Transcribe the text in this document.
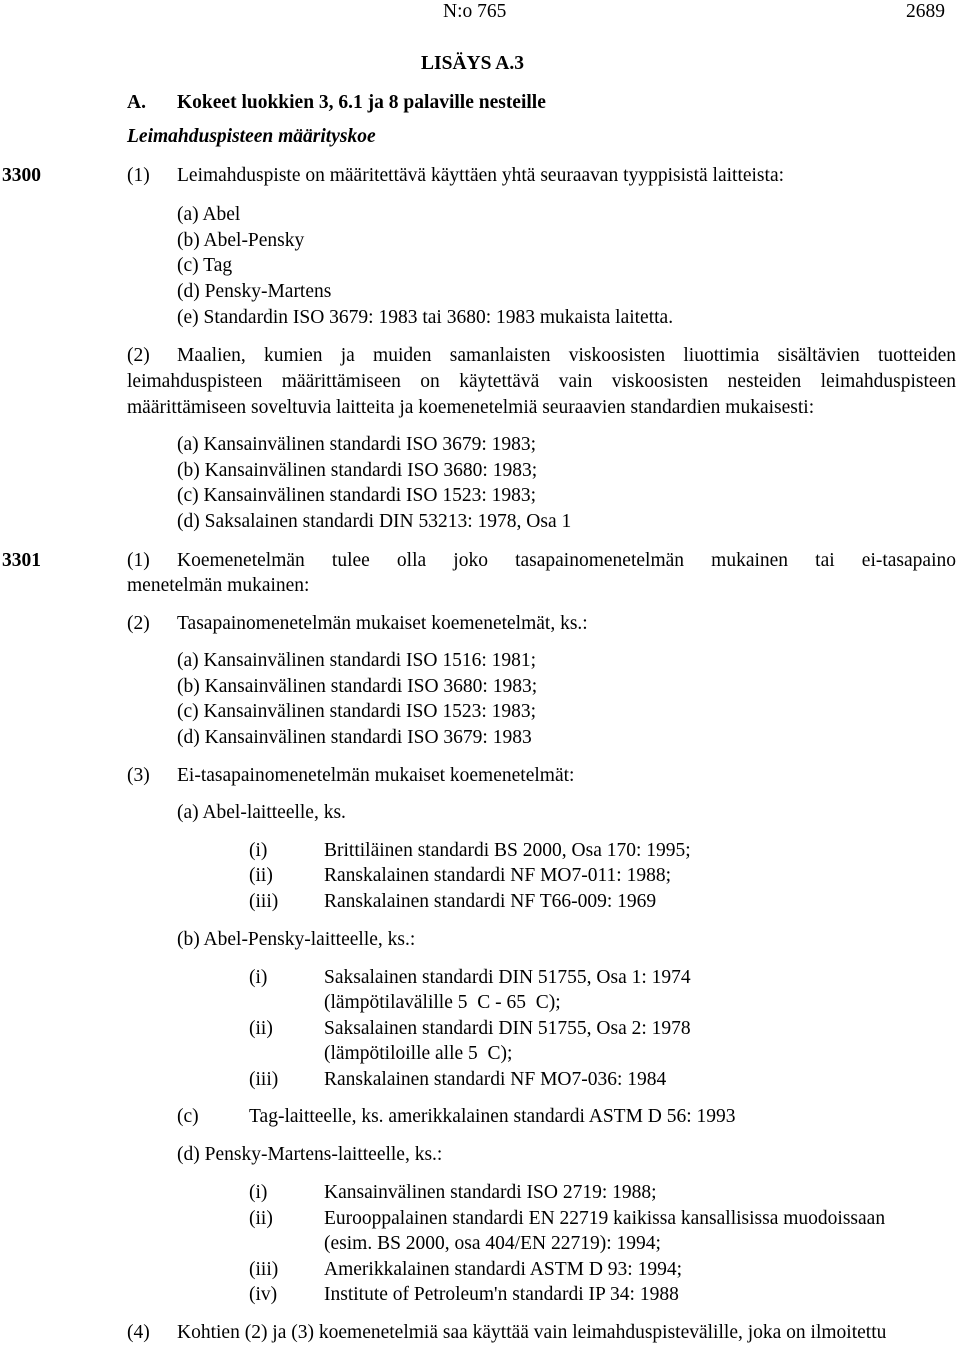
N:o 765	2689
LISÄYS A.3
A. Kokeet luokkien 3, 6.1 ja 8 palaville nesteille
Leimahduspisteen määrityskoe
3300	(1) Leimahduspiste on määritettävä käyttäen yhtä seuraavan tyyppisistä laitteista:
(a) Abel
(b) Abel-Pensky
(c) Tag
(d) Pensky-Martens
(e) Standardin ISO 3679: 1983 tai 3680: 1983 mukaista laitetta.
(2) Maalien, kumien ja muiden samanlaisten viskoosisten liuottimia sisältävien tuotteiden
leimahduspisteen määrittämiseen on käytettävä vain viskoosisten nesteiden leimahduspisteen
määrittämiseen soveltuvia laitteita ja koemenetelmiä seuraavien standardien mukaisesti:
(a) Kansainvälinen standardi ISO 3679: 1983;
(b) Kansainvälinen standardi ISO 3680: 1983;
(c) Kansainvälinen standardi ISO 1523: 1983;
(d) Saksalainen standardi DIN 53213: 1978, Osa 1
3301	(1) Koemenetelmän tulee olla joko tasapainomenetelmän mukainen tai ei-tasapaino
menetelmän mukainen:
(2) Tasapainomenetelmän mukaiset koemenetelmät, ks.:
(a) Kansainvälinen standardi ISO 1516: 1981;
(b) Kansainvälinen standardi ISO 3680: 1983;
(c) Kansainvälinen standardi ISO 1523: 1983;
(d) Kansainvälinen standardi ISO 3679: 1983
(3) Ei-tasapainomenetelmän mukaiset koemenetelmät:
(a) Abel-laitteelle, ks.
(i)	Brittiläinen standardi BS 2000, Osa 170: 1995;
(ii)	Ranskalainen standardi NF MO7-011: 1988;
(iii) Ranskalainen standardi NF T66-009: 1969
(b) Abel-Pensky-laitteelle, ks.:
(i)	Saksalainen standardi DIN 51755, Osa 1: 1974
(lämpötilavälille 5  C - 65  C);
(ii)	Saksalainen standardi DIN 51755, Osa 2: 1978
(lämpötiloille alle 5  C);
(iii) Ranskalainen standardi NF MO7-036: 1984
(c)	Tag-laitteelle, ks. amerikkalainen standardi ASTM D 56: 1993
(d) Pensky-Martens-laitteelle, ks.:
(i)	Kansainvälinen standardi ISO 2719: 1988;
(ii)	Eurooppalainen standardi EN 22719 kaikissa kansallisissa muodoissaan
(esim. BS 2000, osa 404/EN 22719): 1994;
(iii) Amerikkalainen standardi ASTM D 93: 1994;
(iv) Institute of Petroleum'n standardi IP 34: 1988
(4) Kohtien (2) ja (3) koemenetelmiä saa käyttää vain leimahduspistevälille, joka on ilmoitettu
